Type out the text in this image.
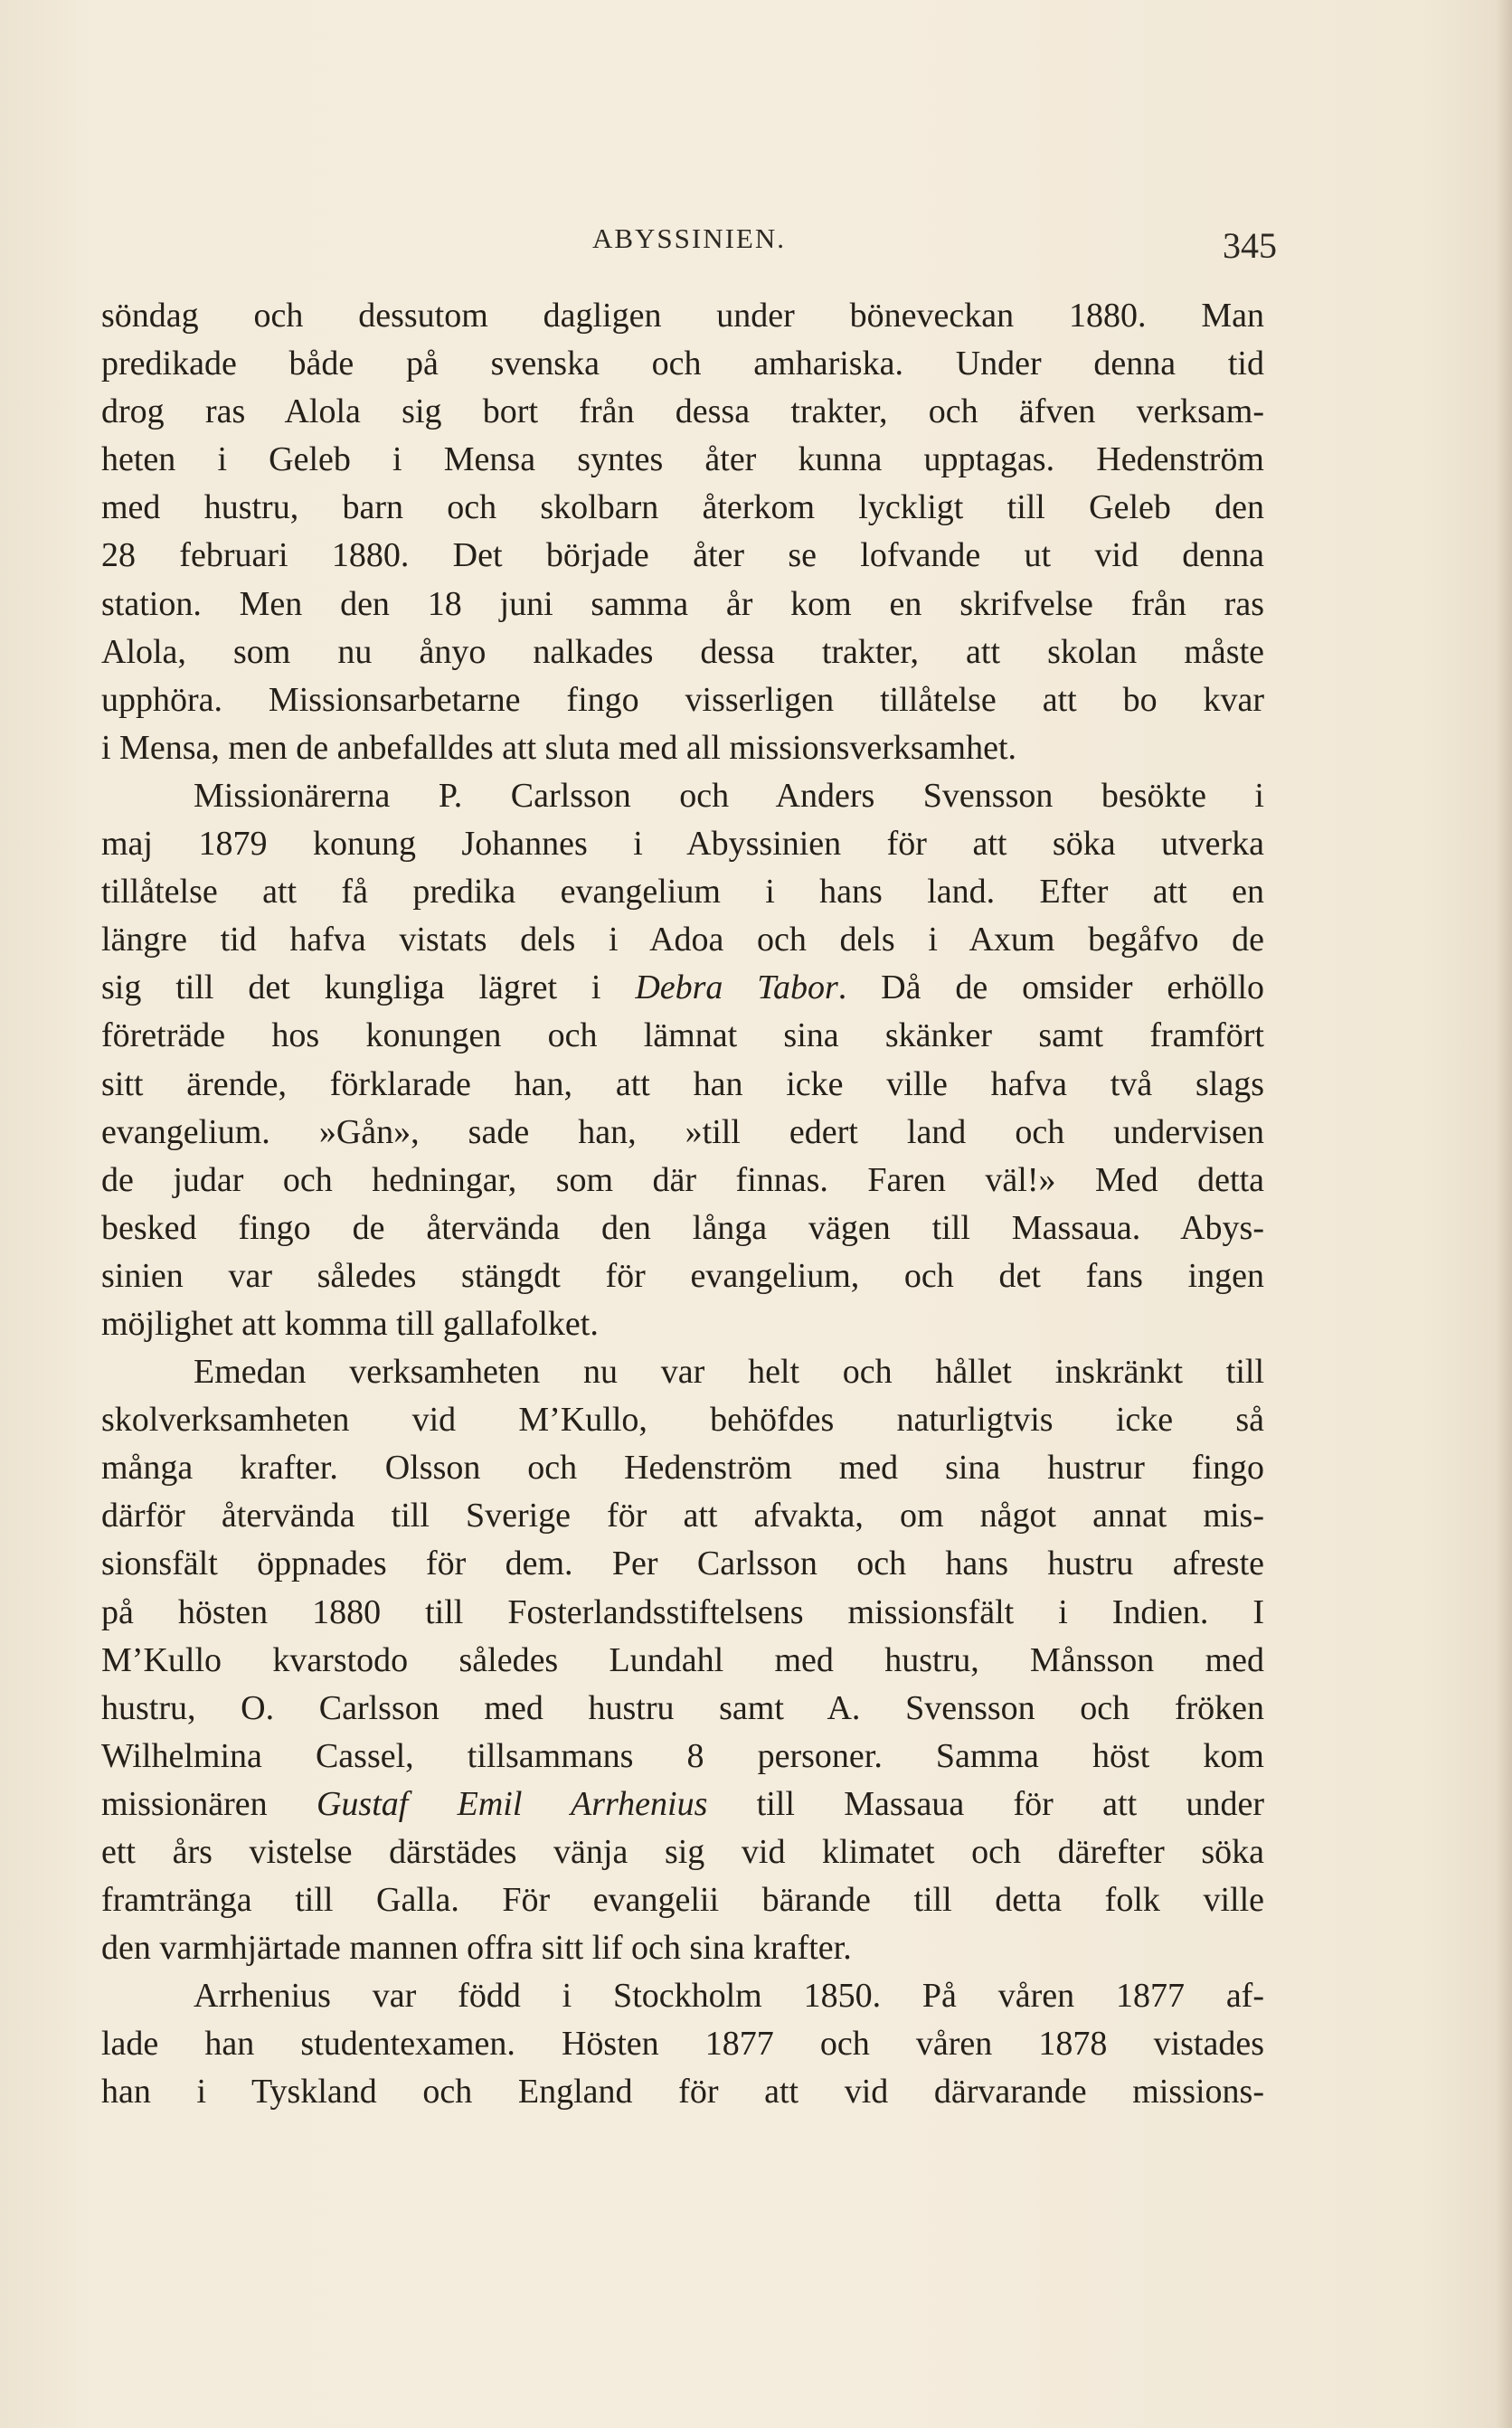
ABYSSINIEN.	345
söndag och dessutom dagligen under böneveckan 1880. Man
predikade både på svenska och amhariska. Under denna tid
drog ras Alola sig bort från dessa trakter, och äfven verksam-
heten i Geleb i Mensa syntes åter kunna upptagas. Hedenström
med hustru, barn och skolbarn återkom lyckligt till Geleb den
28 februari 1880. Det började åter se lofvande ut vid denna
station. Men den 18 juni samma år kom en skrifvelse från ras
Alola, som nu ånyo nalkades dessa trakter, att skolan måste
upphöra. Missionsarbetarne fingo visserligen tillåtelse att bo kvar
i Mensa, men de anbefalldes att sluta med all missionsverksamhet.
Missionärerna P. Carlsson och Anders Svensson besökte i
maj 1879 konung Johannes i Abyssinien för att söka utverka
tillåtelse att få predika evangelium i hans land. Efter att en
längre tid hafva vistats dels i Adoa och dels i Axum begåfvo de
sig till det kungliga lägret i Debra Tabor. Då de omsider erhöllo
företräde hos konungen och lämnat sina skänker samt framfört
sitt ärende, förklarade han, att han icke ville hafva två slags
evangelium. »Gån», sade han, »till edert land och undervisen
de judar och hedningar, som där finnas. Faren väl!» Med detta
besked fingo de återvända den långa vägen till Massaua. Abys-
sinien var således stängdt för evangelium, och det fans ingen
möjlighet att komma till gallafolket.
Emedan verksamheten nu var helt och hållet inskränkt till
skolverksamheten vid M’Kullo, behöfdes naturligtvis icke så
många krafter. Olsson och Hedenström med sina hustrur fingo
därför återvända till Sverige för att afvakta, om något annat mis-
sionsfält öppnades för dem. Per Carlsson och hans hustru afreste
på hösten 1880 till Fosterlandsstiftelsens missionsfält i Indien. I
M’Kullo kvarstodo således Lundahl med hustru, Månsson med
hustru, O. Carlsson med hustru samt A. Svensson och fröken
Wilhelmina Cassel, tillsammans 8 personer. Samma höst kom
missionären Gustaf Emil Arrhenius till Massaua för att under
ett års vistelse därstädes vänja sig vid klimatet och därefter söka
framtränga till Galla. För evangelii bärande till detta folk ville
den varmhjärtade mannen offra sitt lif och sina krafter.
Arrhenius var född i Stockholm 1850. På våren 1877 af-
lade han studentexamen. Hösten 1877 och våren 1878 vistades
han i Tyskland och England för att vid därvarande missions-
